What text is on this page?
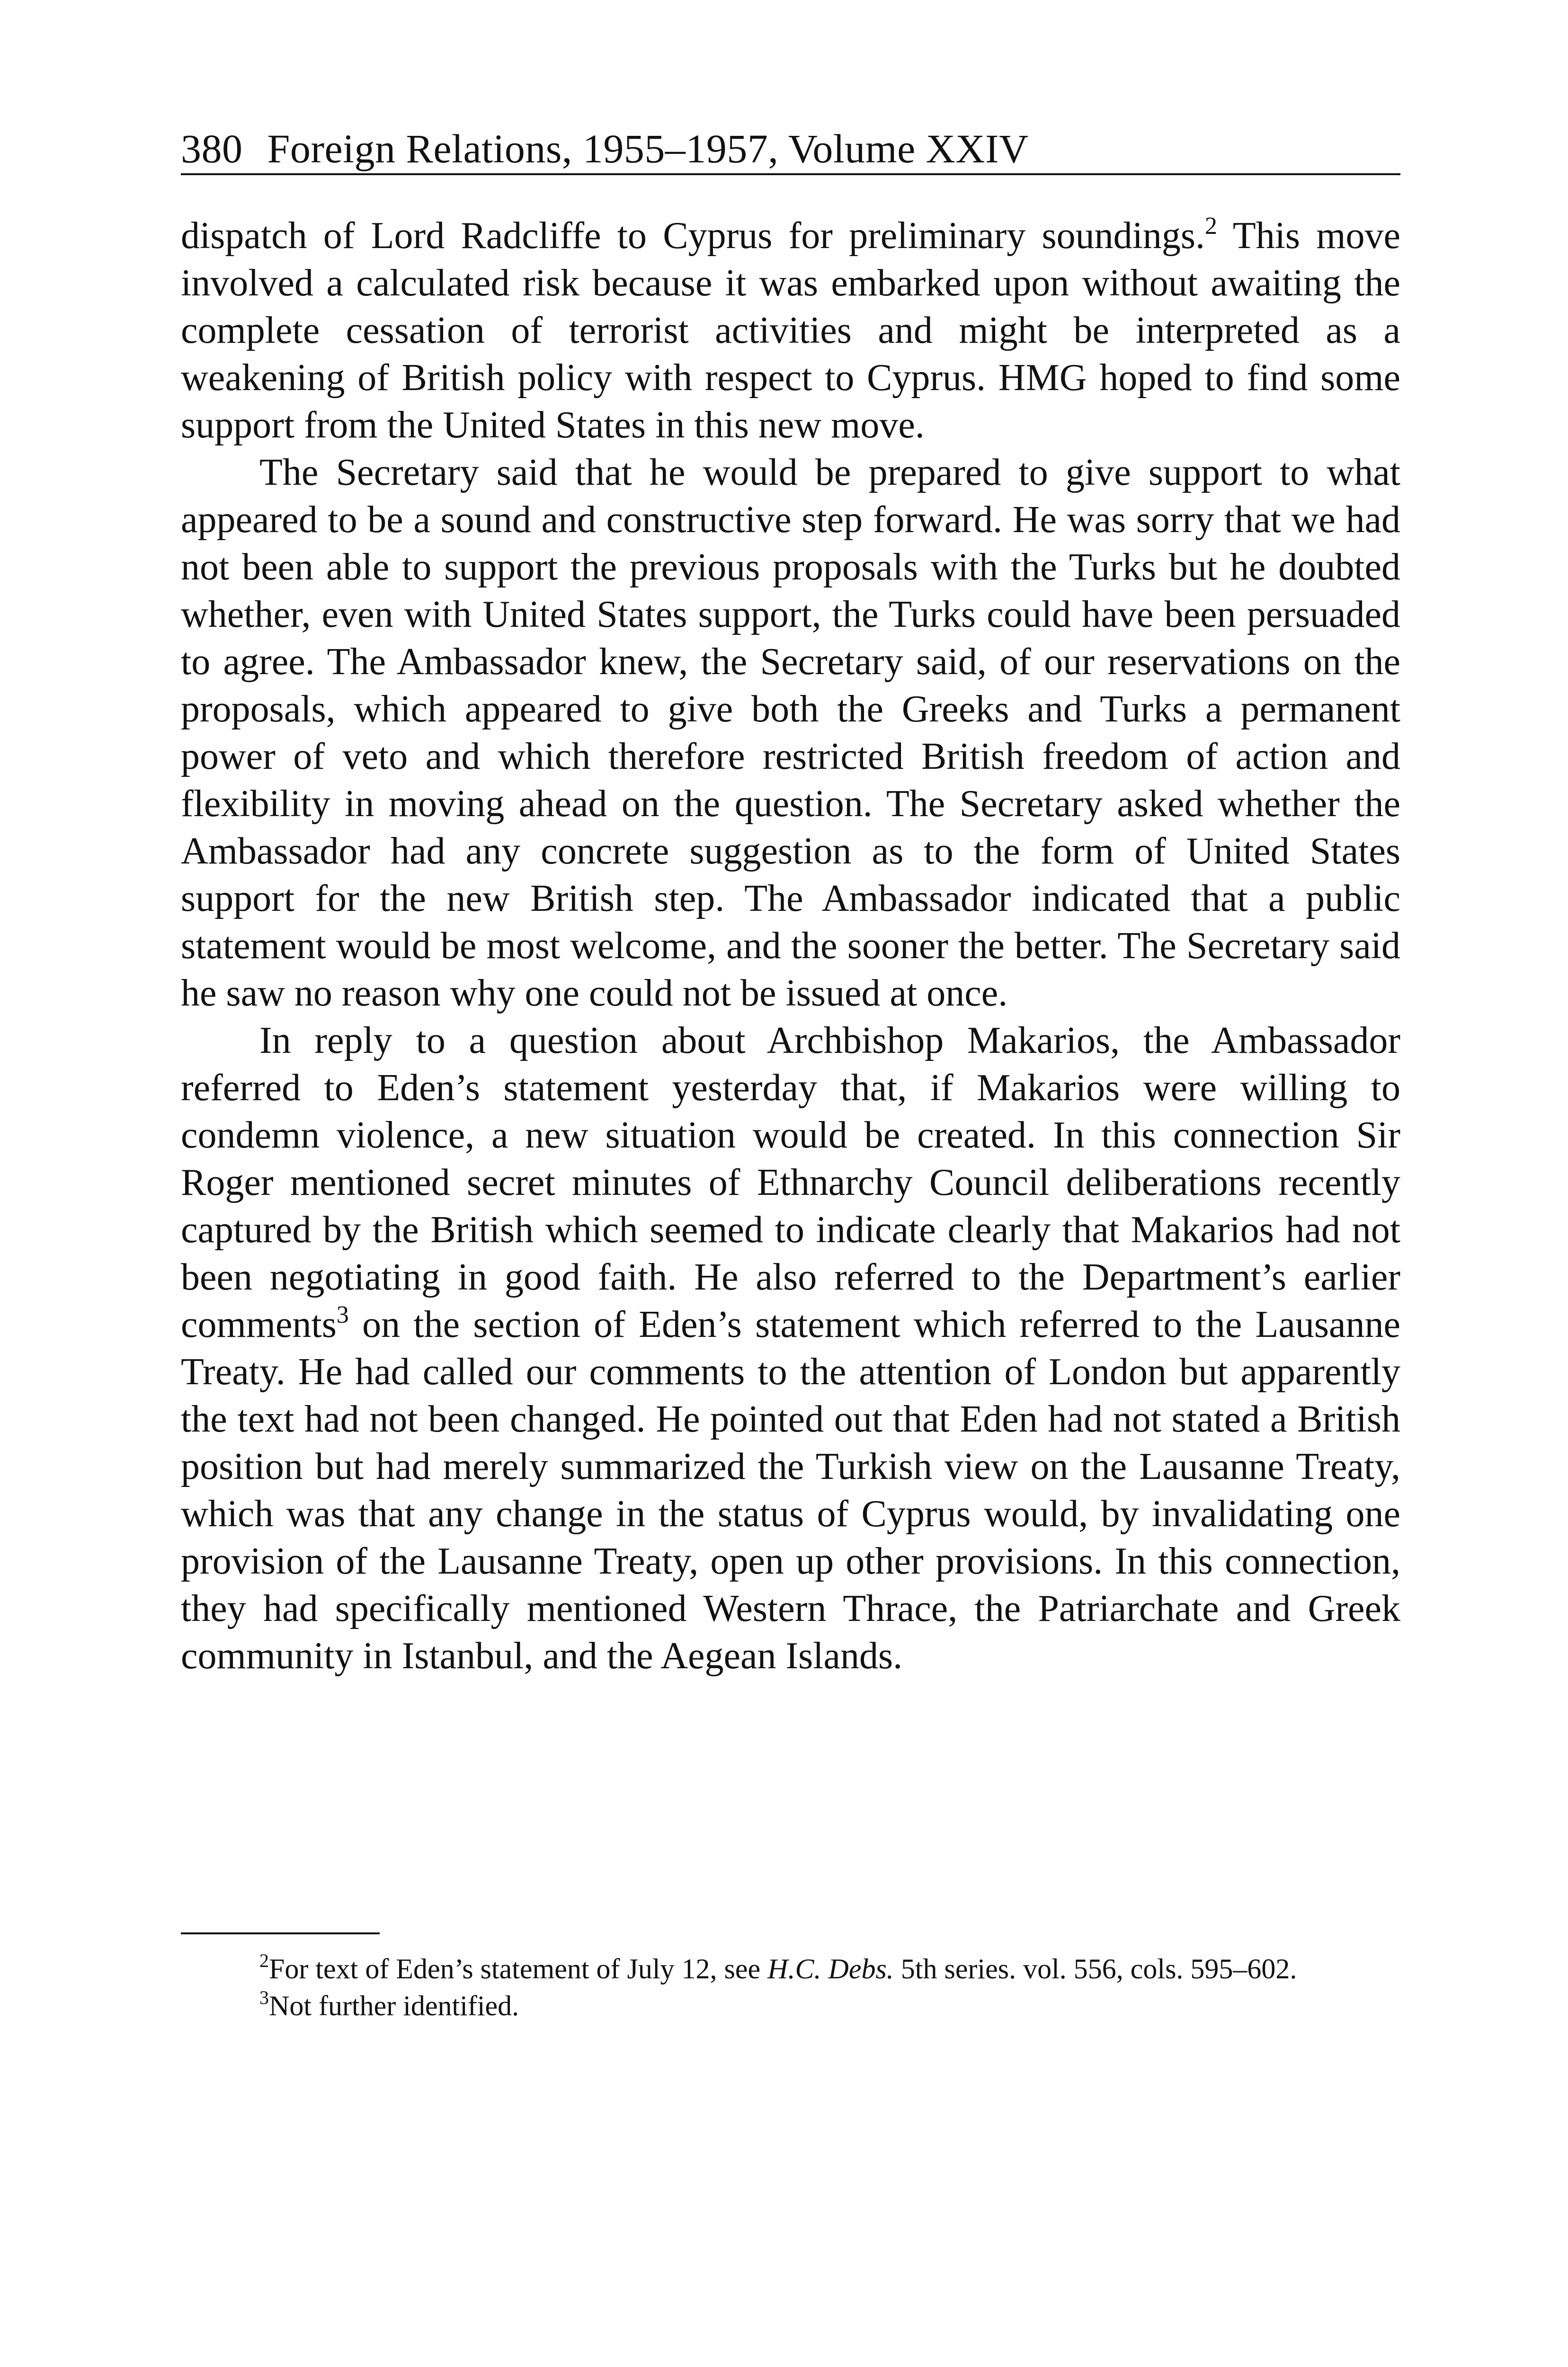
380 Foreign Relations, 1955–1957, Volume XXIV

dispatch of Lord Radcliffe to Cyprus for preliminary soundings.$^2$ This move involved a calculated risk because it was embarked upon without awaiting the complete cessation of terrorist activities and might be interpreted as a weakening of British policy with respect to Cyprus. HMG hoped to find some support from the United States in this new move.

The Secretary said that he would be prepared to give support to what appeared to be a sound and constructive step forward. He was sorry that we had not been able to support the previous proposals with the Turks but he doubted whether, even with United States support, the Turks could have been persuaded to agree. The Ambassador knew, the Secretary said, of our reservations on the proposals, which appeared to give both the Greeks and Turks a permanent power of veto and which therefore restricted British freedom of action and flexibility in moving ahead on the question. The Secretary asked whether the Ambassador had any concrete suggestion as to the form of United States support for the new British step. The Ambassador indicated that a public statement would be most welcome, and the sooner the better. The Secretary said he saw no reason why one could not be issued at once.

In reply to a question about Archbishop Makarios, the Ambassador referred to Eden’s statement yesterday that, if Makarios were willing to condemn violence, a new situation would be created. In this connection Sir Roger mentioned secret minutes of Ethnarchy Council deliberations recently captured by the British which seemed to indicate clearly that Makarios had not been negotiating in good faith. He also referred to the Department’s earlier comments$^3$ on the section of Eden’s statement which referred to the Lausanne Treaty. He had called our comments to the attention of London but apparently the text had not been changed. He pointed out that Eden had not stated a British position but had merely summarized the Turkish view on the Lausanne Treaty, which was that any change in the status of Cyprus would, by invalidating one provision of the Lausanne Treaty, open up other provisions. In this connection, they had specifically mentioned Western Thrace, the Patriarchate and Greek community in Istanbul, and the Aegean Islands.

$^2$For text of Eden’s statement of July 12, see H.C. Debs. 5th series. vol. 556, cols. 595–602.

$^3$Not further identified.
